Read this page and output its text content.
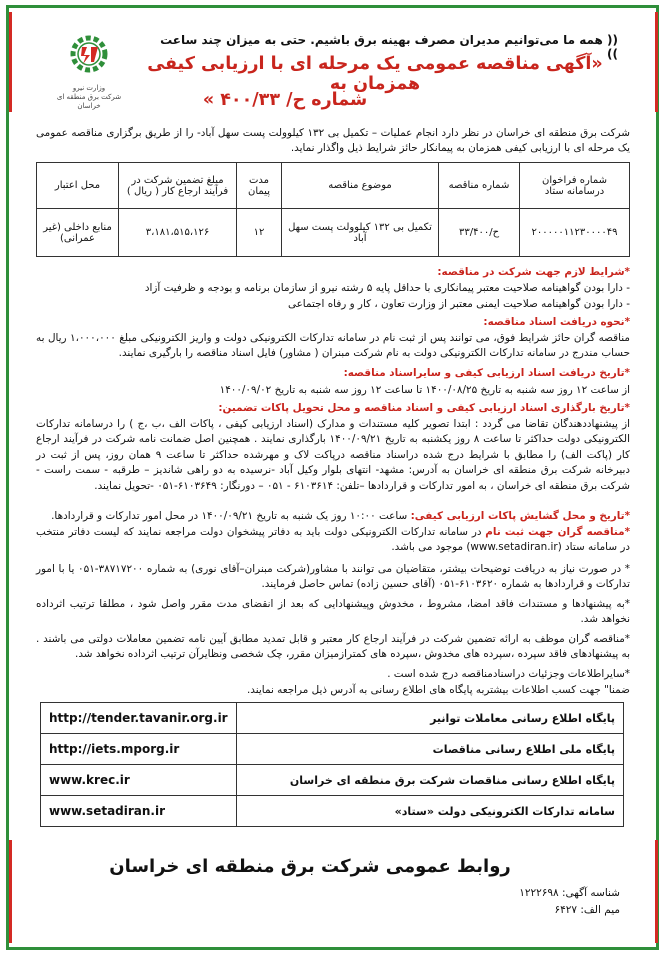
وزارت نیرو
شرکت برق منطقه ای خراسان
(( همه ما می‌توانیم مدیران مصرف بهینه برق باشیم. حتی به میزان چند ساعت ))
«آگهی مناقصه عمومی یک مرحله ای با ارزیابی کیفی همزمان به
شماره ح/ ۴۰۰/۳۳ »
شرکت برق منطقه ای خراسان در نظر دارد انجام عملیات – تکمیل بی ۱۳۲ کیلوولت پست سهل آباد- را از طریق برگزاری مناقصه عمومی یک مرحله ای با ارزیابی کیفی همزمان به پیمانکار حائز شرایط ذیل واگذار نماید.
شماره فراخوان درسامانه ستاد	شماره مناقصه	موضوع مناقصه	مدت پیمان	مبلغ تضمین شرکت در فرآیند ارجاع کار ( ریال )	محل اعتبار
۲۰۰۰۰۰۱۱۲۳۰۰۰۰۴۹	ح/۳۳/۴۰۰	تکمیل بی ۱۳۲ کیلوولت پست سهل آباد	۱۲	۳،۱۸۱،۵۱۵،۱۲۶	منابع داخلی (غیر عمرانی)
*شرایط لازم جهت شرکت در مناقصه:
- دارا بودن گواهینامه صلاحیت معتبر پیمانکاری با حداقل پایه ۵ رشته نیرو از سازمان برنامه و بودجه و ظرفیت آزاد
- دارا بودن گواهینامه صلاحیت ایمنی معتبر از وزارت تعاون ، کار و رفاه اجتماعی
*نحوه دریافت اسناد مناقصه:
مناقصه گران حائز شرایط فوق، می توانند پس از ثبت نام در سامانه تدارکات الکترونیکی دولت و واریز الکترونیکی مبلغ ۱،۰۰۰،۰۰۰ ریال به حساب مندرج در سامانه تدارکات الکترونیکی دولت به نام شرکت مبنران ( مشاور) فایل اسناد مناقصه را بارگیری نمایند.
*تاریخ دریافت اسناد ارزیابی کیفی و سایراسناد مناقصه:
از ساعت ۱۲ روز سه شنبه به تاریخ ۱۴۰۰/۰۸/۲۵ تا ساعت ۱۲ روز سه شنبه به تاریخ ۱۴۰۰/۰۹/۰۲
*تاریخ بارگذاری اسناد ارزیابی کیفی و اسناد مناقصه و محل تحویل پاکات تضمین:
از پیشنهاددهندگان تقاضا می گردد : ابتدا تصویر کلیه مستندات و مدارک (اسناد ارزیابی کیفی ، پاکات الف ،ب ،ج ) را درسامانه تدارکات الکترونیکی دولت حداکثر تا ساعت ۸ روز یکشنبه به تاریخ ۱۴۰۰/۰۹/۲۱ بارگذاری نمایند . همچنین اصل ضمانت نامه شرکت در فرآیند ارجاع کار (پاکت الف) را مطابق با شرایط درج شده دراسناد مناقصه درپاکت لاک و مهرشده حداکثر تا ساعت ۹ همان روز، پس از ثبت در دبیرخانه شرکت برق منطقه ای خراسان به آدرس: مشهد- انتهای بلوار وکیل آباد -نرسیده به دو راهی شاندیز – طرقبه - سمت راست - شرکت برق منطقه ای خراسان ، به امور تدارکات و قراردادها –تلفن: ۶۱۰۳۶۱۴ - ۰۵۱ – دورنگار: ۶۱۰۳۶۴۹-۰۵۱ -تحویل نمایند.
*تاریخ و محل گشایش پاکات ارزیابی کیفی: ساعت ۱۰:۰۰ روز یک شنبه به تاریخ ۱۴۰۰/۰۹/۲۱ در محل امور تدارکات و قراردادها.
*مناقصه گران جهت ثبت نام در سامانه تدارکات الکترونیکی دولت باید به دفاتر پیشخوان دولت مراجعه نمایند که لیست دفاتر منتخب در سامانه ستاد (www.setadiran.ir) موجود می باشد.
* در صورت نیاز به دریافت توضیحات بیشتر، متقاضیان می توانند با مشاور(شرکت مبنران–آقای نوری) به شماره ۳۸۷۱۷۲۰۰-۰۵۱ یا با امور تدارکات و قراردادها به شماره ۶۱۰۳۶۲۰-۰۵۱ (آقای حسین زاده) تماس حاصل فرمایند.
*به پیشنهادها و مستندات فاقد امضا، مشروط ، مخدوش وپیشنهادایی که بعد از انقضای مدت مقرر واصل شود ، مطلقا ترتیب اثرداده نخواهد شد.
*مناقصه گران موظف به ارائه تضمین شرکت در فرآیند ارجاع کار معتبر و قابل تمدید مطابق آیین نامه تضمین معاملات دولتی می باشند . به پیشنهادهای فاقد سپرده ،سپرده های مخدوش ،سپرده های کمترازمیزان مقرر، چک شخصی ونظایرآن ترتیب اثرداده نخواهد شد.
*سایراطلاعات وجزئیات دراسنادمناقصه درج شده است .
ضمنا" جهت کسب اطلاعات بیشتربه پایگاه های اطلاع رسانی به آدرس ذیل مراجعه نمایند.
پایگاه اطلاع رسانی معاملات توانیر	http://tender.tavanir.org.ir
پایگاه ملی اطلاع رسانی مناقصات	http://iets.mporg.ir
پایگاه اطلاع رسانی مناقصات شرکت برق منطقه ای خراسان	www.krec.ir
سامانه تدارکات الکترونیکی دولت «ستاد»	www.setadiran.ir
روابط عمومی شرکت برق منطقه ای خراسان
شناسه آگهی: ۱۲۲۲۶۹۸
میم الف: ۶۴۲۷
